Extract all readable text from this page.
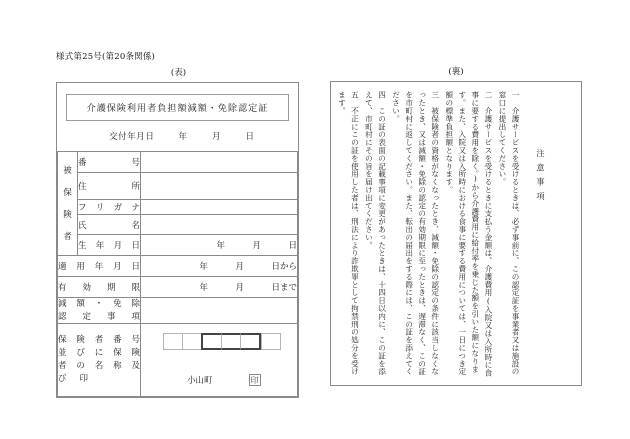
様式第25号(第20条関係)
(表)
介護保険利用者負担額減額・免除認定証
交付年月日	年	月	日
被
保
険
者	番 号	

	住 所	

	フ リ ガ ナ	

	氏 名	

	生 年 月 日	年 月 日

適 用 年 月 日		年 月 日から

有 効 期 限		年 月 日まで

減 額 ・ 免 除
認 定 事 項

保 険 者 番 号
並 び に 保 険
者 の 名 称 及
び 印	小山町	印
(裏)
注意事項
一　介護サービスを受けるときは、必ず事前に、この認定証を事業者又は施設の窓口に提出してください。
二　介護サービスを受けるときに支払う金額は、介護費用(入院又は入所時に食事に要する費用を除く。)から介護費用に給付率を乗じた額を引いた額になります。また、入院又は入所時における食事に要する費用については、一日につき定額の標準負担額となります。
三　被保険者の資格がなくなったとき、減額・免除の認定の条件に該当しなくなったとき、又は減額・免除の認定の有効期限に至ったときは、遅滞なく、この証を市町村に返してください。また、転出の届出をする際には、この証を添えてください。
四　この証の表面の記載事項に変更があったときは、十四日以内に、この証を添えて、市町村にその旨を届け出てください。
五　不正にこの証を使用した者は、刑法により詐欺罪として拘禁刑の処分を受けます。
